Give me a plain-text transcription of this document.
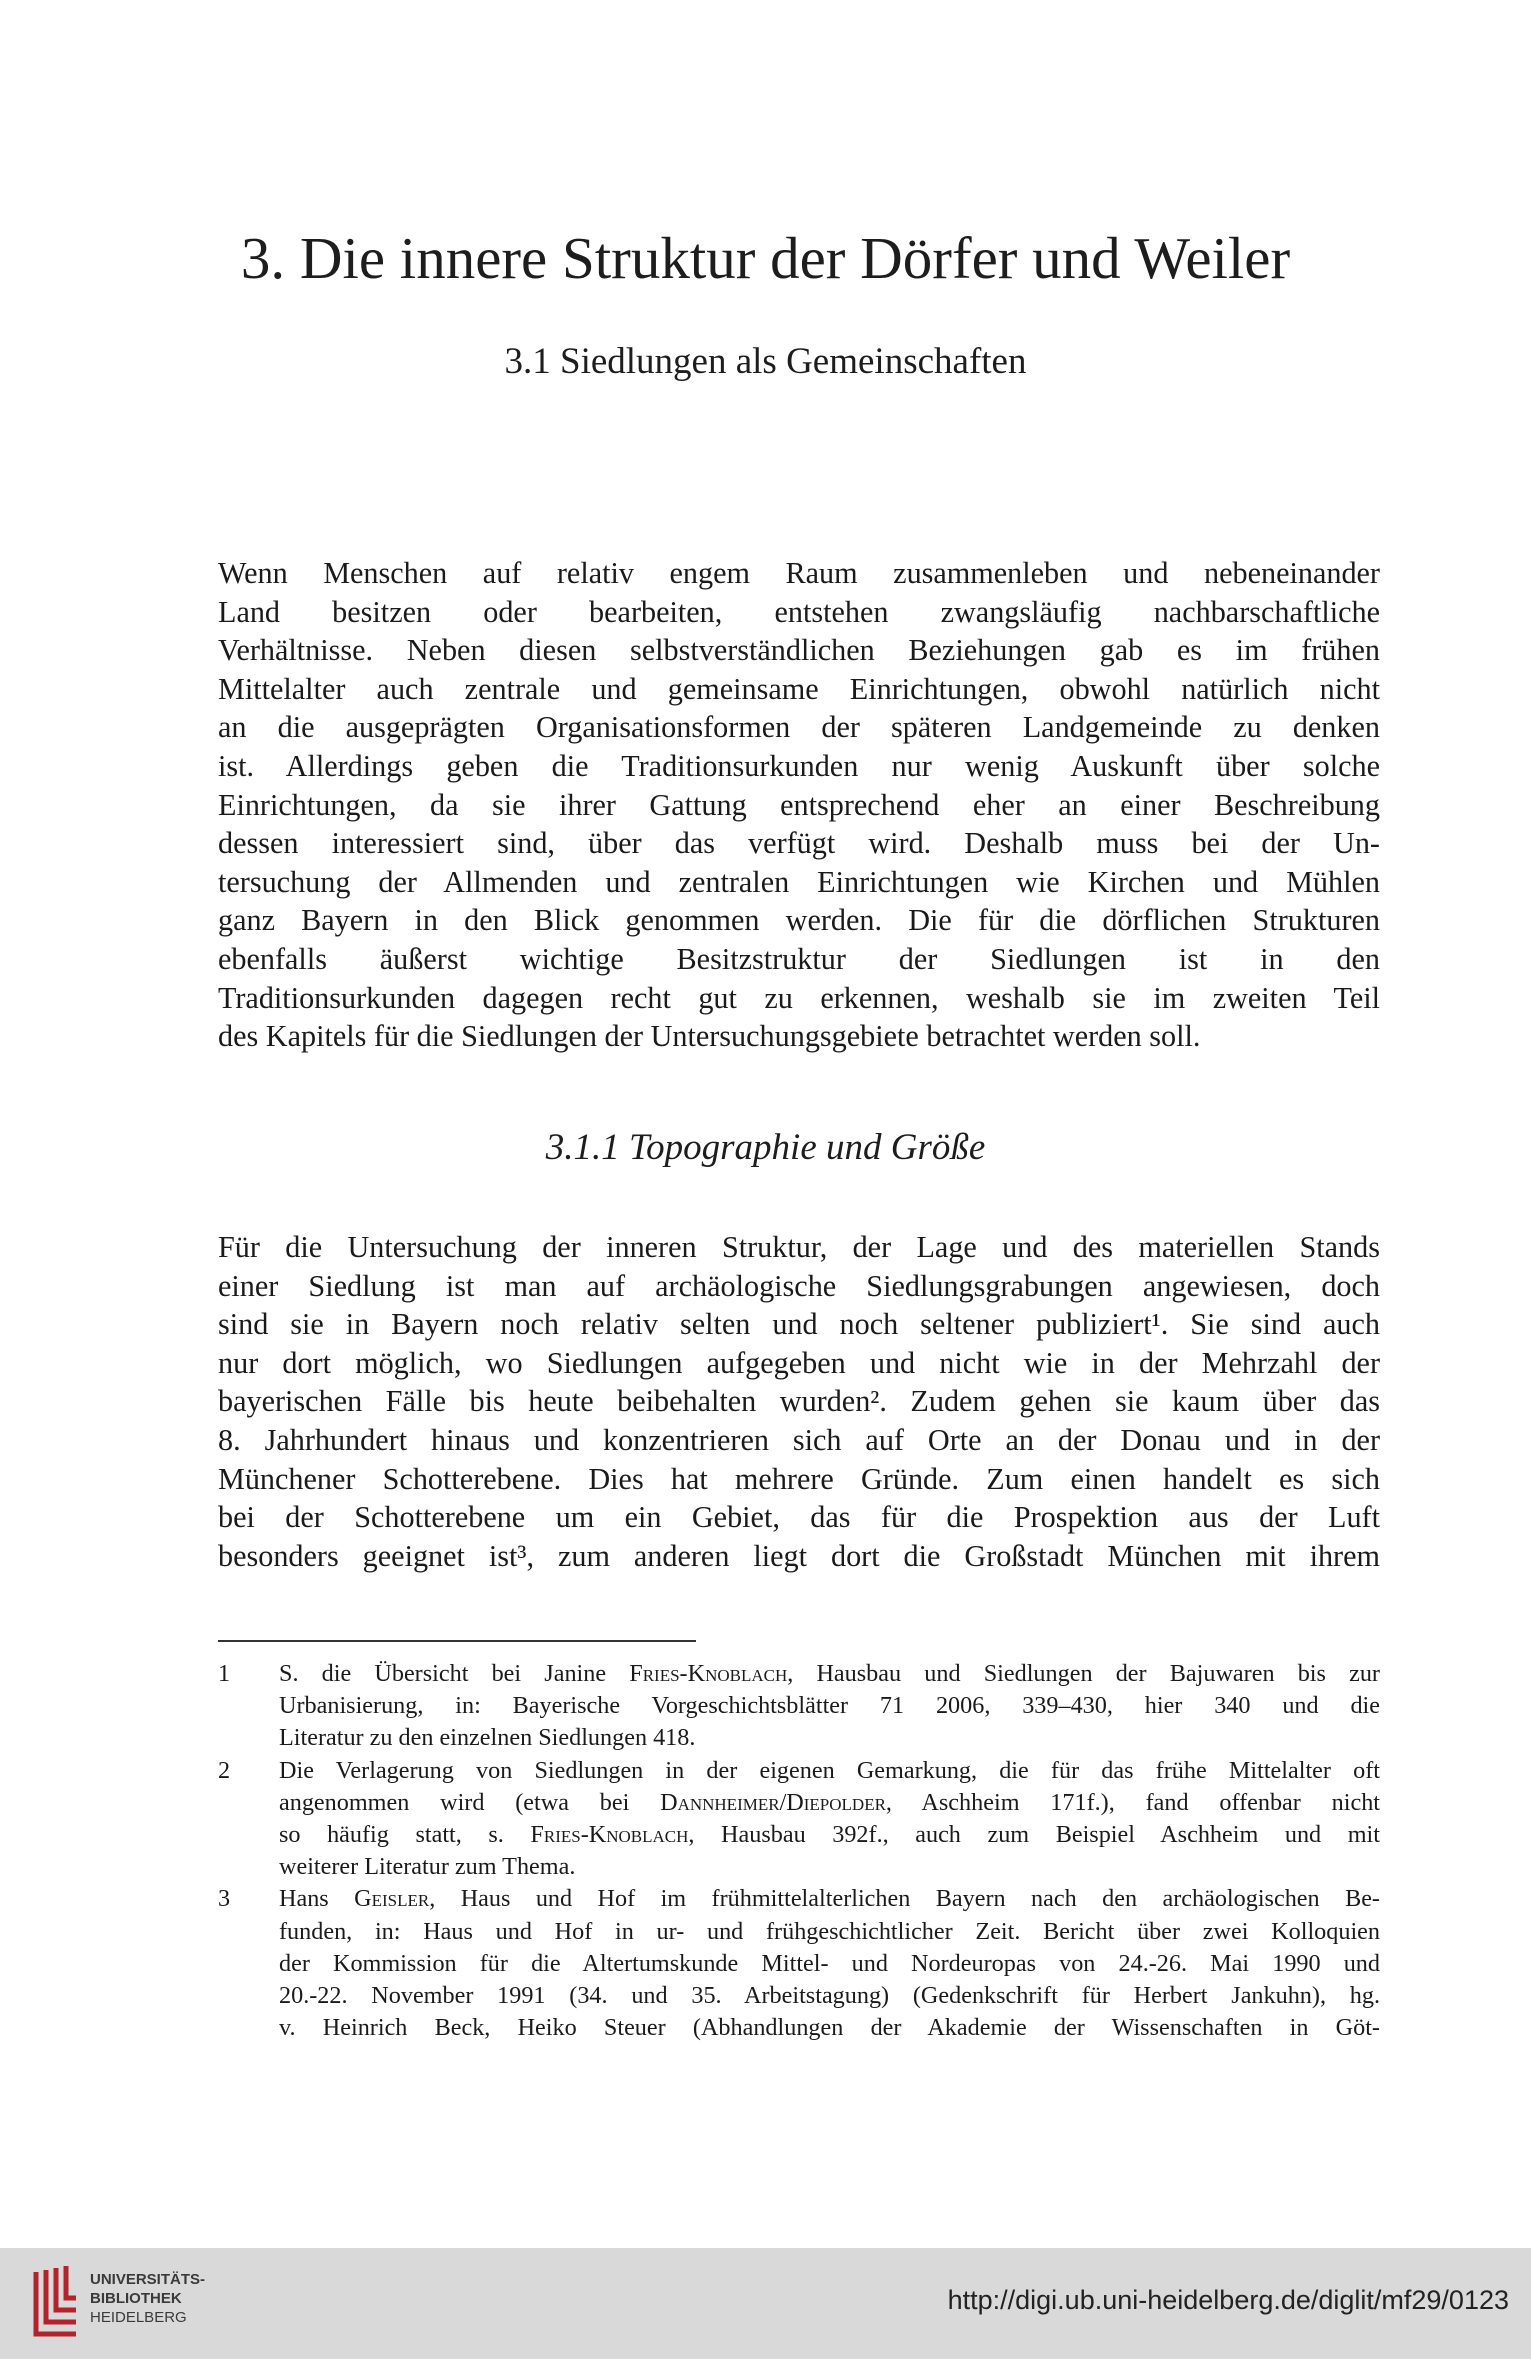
3. Die innere Struktur der Dörfer und Weiler
3.1 Siedlungen als Gemeinschaften
Wenn Menschen auf relativ engem Raum zusammenleben und nebeneinander
Land besitzen oder bearbeiten, entstehen zwangsläufig nachbarschaftliche
Verhältnisse. Neben diesen selbstverständlichen Beziehungen gab es im frühen
Mittelalter auch zentrale und gemeinsame Einrichtungen, obwohl natürlich nicht
an die ausgeprägten Organisationsformen der späteren Landgemeinde zu denken
ist. Allerdings geben die Traditionsurkunden nur wenig Auskunft über solche
Einrichtungen, da sie ihrer Gattung entsprechend eher an einer Beschreibung
dessen interessiert sind, über das verfügt wird. Deshalb muss bei der Un-
tersuchung der Allmenden und zentralen Einrichtungen wie Kirchen und Mühlen
ganz Bayern in den Blick genommen werden. Die für die dörflichen Strukturen
ebenfalls äußerst wichtige Besitzstruktur der Siedlungen ist in den
Traditionsurkunden dagegen recht gut zu erkennen, weshalb sie im zweiten Teil
des Kapitels für die Siedlungen der Untersuchungsgebiete betrachtet werden soll.
3.1.1 Topographie und Größe
Für die Untersuchung der inneren Struktur, der Lage und des materiellen Stands
einer Siedlung ist man auf archäologische Siedlungsgrabungen angewiesen, doch
sind sie in Bayern noch relativ selten und noch seltener publiziert¹. Sie sind auch
nur dort möglich, wo Siedlungen aufgegeben und nicht wie in der Mehrzahl der
bayerischen Fälle bis heute beibehalten wurden². Zudem gehen sie kaum über das
8. Jahrhundert hinaus und konzentrieren sich auf Orte an der Donau und in der
Münchener Schotterebene. Dies hat mehrere Gründe. Zum einen handelt es sich
bei der Schotterebene um ein Gebiet, das für die Prospektion aus der Luft
besonders geeignet ist³, zum anderen liegt dort die Großstadt München mit ihrem
1 S. die Übersicht bei Janine Fries-Knoblach, Hausbau und Siedlungen der Bajuwaren bis zur
Urbanisierung, in: Bayerische Vorgeschichtsblätter 71 2006, 339–430, hier 340 und die
Literatur zu den einzelnen Siedlungen 418.
2 Die Verlagerung von Siedlungen in der eigenen Gemarkung, die für das frühe Mittelalter oft
angenommen wird (etwa bei Dannheimer/Diepolder, Aschheim 171f.), fand offenbar nicht
so häufig statt, s. Fries-Knoblach, Hausbau 392f., auch zum Beispiel Aschheim und mit
weiterer Literatur zum Thema.
3 Hans Geisler, Haus und Hof im frühmittelalterlichen Bayern nach den archäologischen Be-
funden, in: Haus und Hof in ur- und frühgeschichtlicher Zeit. Bericht über zwei Kolloquien
der Kommission für die Altertumskunde Mittel- und Nordeuropas von 24.-26. Mai 1990 und
20.-22. November 1991 (34. und 35. Arbeitstagung) (Gedenkschrift für Herbert Jankuhn), hg.
v. Heinrich Beck, Heiko Steuer (Abhandlungen der Akademie der Wissenschaften in Göt-
UNIVERSITÄTS-
BIBLIOTHEK
HEIDELBERG
http://digi.ub.uni-heidelberg.de/diglit/mf29/0123
